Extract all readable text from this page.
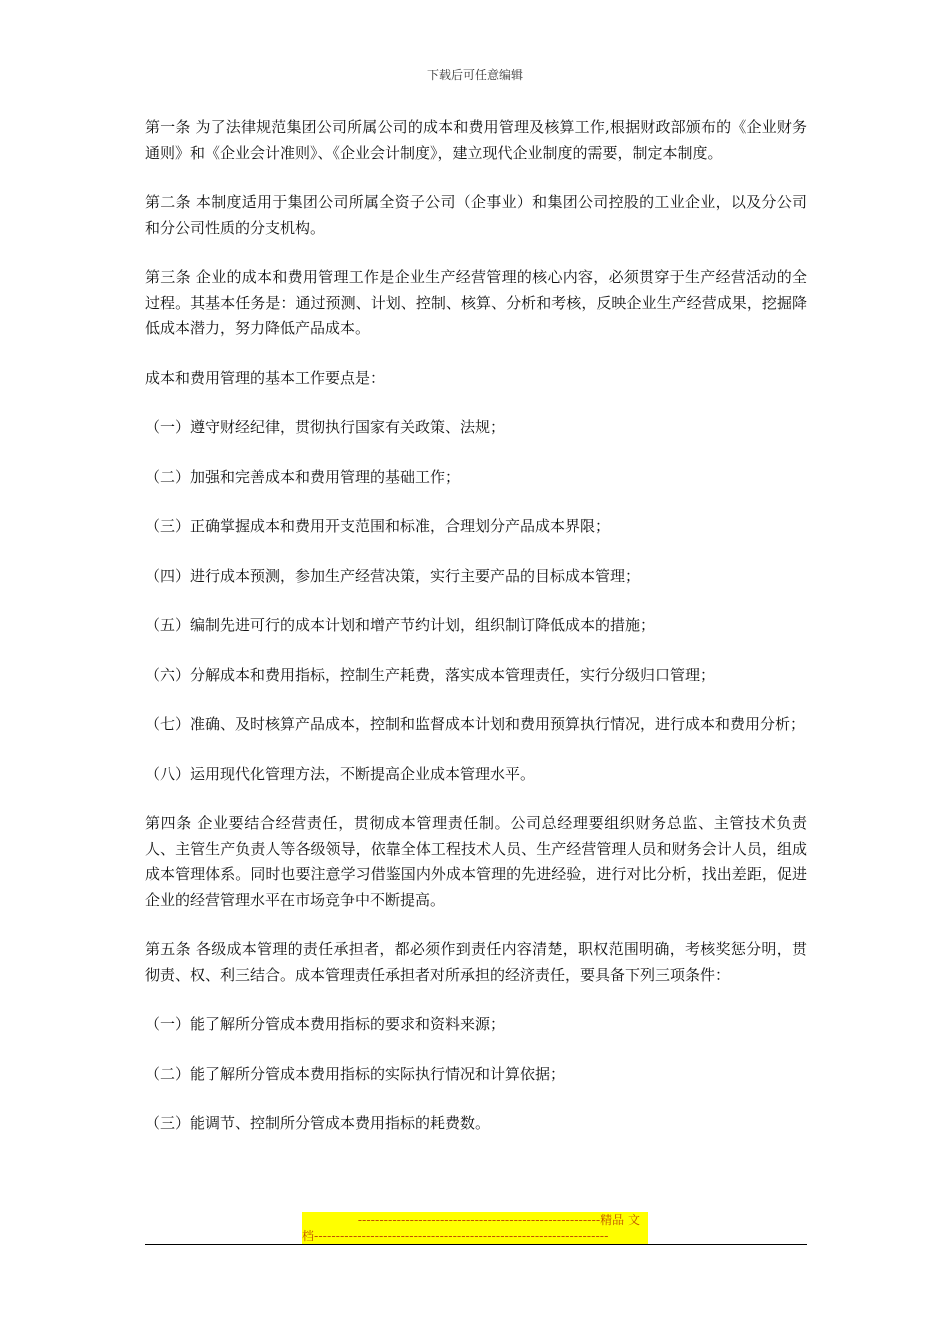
下载后可任意编辑

第一条 为了法律规范集团公司所属公司的成本和费用管理及核算工作,根据财政部颁布的《企业财务通则》和《企业会计准则》、《企业会计制度》，建立现代企业制度的需要，制定本制度。

第二条 本制度适用于集团公司所属全资子公司（企事业）和集团公司控股的工业企业，以及分公司和分公司性质的分支机构。

第三条 企业的成本和费用管理工作是企业生产经营管理的核心内容，必须贯穿于生产经营活动的全过程。其基本任务是：通过预测、计划、控制、核算、分析和考核，反映企业生产经营成果，挖掘降低成本潜力，努力降低产品成本。

成本和费用管理的基本工作要点是：

（一）遵守财经纪律，贯彻执行国家有关政策、法规；

（二）加强和完善成本和费用管理的基础工作；

（三）正确掌握成本和费用开支范围和标准，合理划分产品成本界限；

（四）进行成本预测，参加生产经营决策，实行主要产品的目标成本管理；

（五）编制先进可行的成本计划和增产节约计划，组织制订降低成本的措施；

（六）分解成本和费用指标，控制生产耗费，落实成本管理责任，实行分级归口管理；

（七）准确、及时核算产品成本，控制和监督成本计划和费用预算执行情况，进行成本和费用分析；

（八）运用现代化管理方法，不断提高企业成本管理水平。

第四条 企业要结合经营责任，贯彻成本管理责任制。公司总经理要组织财务总监、主管技术负责人、主管生产负责人等各级领导，依靠全体工程技术人员、生产经营管理人员和财务会计人员，组成成本管理体系。同时也要注意学习借鉴国内外成本管理的先进经验，进行对比分析，找出差距，促进企业的经营管理水平在市场竞争中不断提高。

第五条 各级成本管理的责任承担者，都必须作到责任内容清楚，职权范围明确，考核奖惩分明，贯彻责、权、利三结合。成本管理责任承担者对所承担的经济责任，要具备下列三项条件：

（一）能了解所分管成本费用指标的要求和资料来源；

（二）能了解所分管成本费用指标的实际执行情况和计算依据；

（三）能调节、控制所分管成本费用指标的耗费数。

--------------------------------------------------------精品 文
档--------------------------------------------------------------------
